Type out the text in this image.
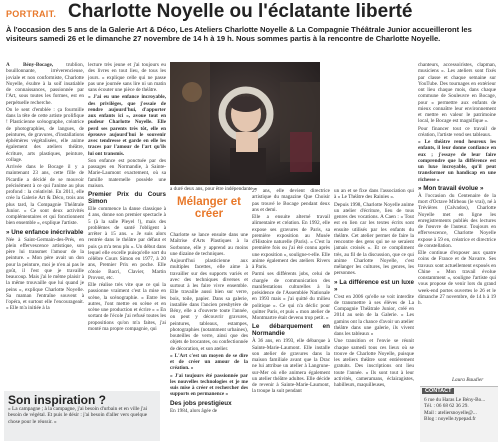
PORTRAIT. Charlotte Noyelle ou l'éclatante liberté
À l'occasion des 5 ans de la Galerie Art & Déco, Les Ateliers Charlotte Noyelle & La Compagnie Théâtrale Junior accueilleront les visiteurs samedi 26 et le dimanche 27 novembre de 14 h à 19 h. Nous sommes partis à la rencontre de Charlotte Noyelle.

À Bény-Bocage,	trublion, bouillonnante, irréverencieuse, joviale et non conformiste, Charlotte Noyelle, éxubre à la soif insatiable de connaissances, passionnée par l'Art, sous toutes les formes, est en perpétuelle recherche.

On le sent d'emblée : ça fourmille dans la tête de cette artiste prolifique ! Plasticienne scénographe, créatrice de photographies, de langues, de peintures, de gravures, d'installations éphémères végétalisées, elle anime également des ateliers théâtre, écriture, arts plastiques, peinture, collage.

Arrivée dans le Bocage il y a maintenant 23 ans, cette fille de Picardie a décidé de se mouvoir précisément à ce qui l'anime au plus profond : la créativité. En 2011, elle crée la Galerie Art & Déco, trois ans plus tard, la Compagnie Théâtrale Junior. « Ce sont deux activités complémentaires et qui fonctionnent bien ensemble », explique l'artiste.

» Une enfance inécrivable

Née à Saint-Germain-des-Prés, en plein effervescence artistique, son père lui transmet l'amour de la peinture. « Mon père avait un don pour la peinture, moi je n'en ai pas le goût, il l'est que je travaille beaucoup. Mais j'ai le même plaisir à la même trouvaille que lui quand je peins », explique Charlotte Noyelle. Sa maman l'entraîne souvent à l'opéra, et surtout elle l'encourageait. « Elle m'a initiée à la

lecture très jeune et j'ai toujours eu des livres en tout lieu, de tous les jours. « explique celle qui ne passe pas une journée sans lire ni un matin sans écouter une pièce de théâtre.

« J'ai eu une enfance incroyable, des privilèges, que j'essaie de rendre aujourd'hui, d'apporter aux enfants ici », avoue tout en pudeur Charlotte Noyelle. Elle perd ses parents très tôt, elle en éprouve aujourd'hui le souvenir avec tendresse et garde en elle les traces par l'amour de l'art qu'ils lui ont transmis.

Son enfance est ponctuée par des passages en Normandie, à Sainte-Marie-Laumont exactement, où sa famille maternelle possède une maison.

Premier Prix du Cours Simon

Elle commence la danse classique à 4 ans, donne son premier spectacle à 5 (à la salle Pleyel !), mais des problèmes de santé l'obligent à arrêter à 15 ans. « Je suis alors rentrée dans le théâtre par défaut et puis ça m'a tenu plu ». Un début dans lequel elle excelle puisqu'elle sort du célèbre Cours Simon en 1977, à 20 ans, Premier Prix en poche. Elle côtoie Bacri, Clavier, Martin Provost, etc.

Elle réalise très vite que ce qui la passionne vraiment c'est la mise en scène, la scénographie. « Entre les autres, l'ont mettre en scène et en scène une production et écrire » « En sortant de l'école j'ai refusé toutes les propositions qu'on m'a faites, j'ai monté ma propre compagnie, qui

a duré deux ans, pour être indépendante »
Mélanger et créer

Charlotte se lance ensuite dans une Maîtrise d'Arts Plastiques à la Sorbonne, elle y apprend au moins une dizaine de techniques.

Aujourd'hui plasticienne aux multiples facettes, elle aime à travailler sur des supports variés et avec des techniques diverses et surtout à les faire vivre ensemble. Elle travaille aussi bien sur verre, bois, toile, papier. Dans sa galerie, installée dans l'ancien presbytère de Bény, elle a d'ouverte toute l'année, on peut y découvrir gravures, peintures, tableaux, estampes, photographies (notamment urbaines), bouteilles de verre, ainsi que des objets de brocantes, ou confectionnée de décoration, et son atelier.

« L'Art c'est un moyen de se dire et de créer un amour de la création. »

« J'ai toujours été passionnée par les nouvelles technologies et je me suis mise à créer et rechercher des supports en permanence »

Des jobs prestigieux

En 1984, alors âgée de

27 ans, elle devient directrice artistique du magazine Que Choisir pas trouvé le Bocage pendant deux ans et demi.

Elle a ensuite alterné travail alimentaire et création. En 1992, elle expose ses gravures de Paris, sa première exposition au Musée d'Histoire naturelle (Paris). « C'est la première fois ou j'ai été connu après une exposition », souligne-t-elle. Elle anime également des ateliers Rivers à Paris.

Parmi ses différents jobs, celui de chargée de communication des manifestations culturelles à la présidence de l'Assemblée Nationale en 1993 mais « j'ai quitté du milieu politique ». Ce qui n'a déclic pour quitter Paris, et puis « mon atelier de Montmartre était devenu trop petit. »

Le débarquement en Normandie

À 36 ans, en 1993, elle débarque à Sainte-Marie-Laumont. Elle installe son atelier de gravures dans la maison familiale avant que la Drac ne lui attribue un atelier à Langrune-sur-Mer où elle animera également un atelier théâtre adultes. Elle décide de revenir à Sainte-Marie-Laumont, la troupe la suit pendant

un an et se fixe dans l'association qui à « Le Théâtre des Rainies ».

Depuis 1998, Charlotte Noyelle anime un atelier d'écriture, lieu de tous genres des vocations. A Caen : « Tout est en lien car les textes écrits sont ensuite utilisés par les enfants du théâtre. Cet atelier permet de faire la rencontre des gens qui ne se seraient jamais croisés ». Et ce compliment très, au fil de la discussion, que ce qui anime Charlotte Noyelle, c'est mélanger les cultures, les genres, les personnes.

» La différence est un luxe »

C'est en 2006 qu'elle se voit interdite de transmettre à ses élèves de La Compagnie Théâtrale Junior, créé en 2014 au sein de la Galerie. « Les gamins ont la chance d'avoir un atelier théâtre dans une galerie, ils vivent dans les tableaux »

Une transition et l'envie se réunit chaque samedi tous ces lieux où se trouve de Charlotte Noyelle, puisque les ateliers théâtre sont entièrement gratuits. Des inscriptions ont lieu toute l'année. « Ils sont tout à leur activités, cameramans, éclairagistes, habilleurs, maquilleuses,

chanteurs, accessoiristes, clapman, musiciens ». Les ateliers sont fixés par classe et chaque semaine sur YouTube. Des tournages en extérieur ont lieu chaque mois, dans chaque commune de Souleuvre en Bocage, pour « permettre aux enfants de mieux connaître leur environnement et mettre en valeur le patrimoine local, le Bocage est magnifique ».

Pour financer tout ce travail de création, l'artiste vend ses tableaux.

« Le théâtre rend heureux les enfants, il leur donne confiance en eux ; j'essaye de leur faire comprendre que la différence est un luxe incroyable, qu'il peut transformer un handicap en une richesse »

» Mon travail évolue »

À l'occasion du Centenaire de la mort d'Octave Mirbeau (le vrai), né à Trévières (Calvados), Charlotte Noyelle met en ligne les enregistrements publiés des lectures de l'œuvre de l'auteur. Toujours en effervescence, Charlotte Noyelle expose à 59 en, créatrice et directrice de constellation.

Elle continue d'exposer aux quatre coins de France et de Navarre. Ses travaux sont actuellement exposés en Chine « Mon travail évolue constamment », souligne l'artiste qui vous propose de venir lors du grand week-end portes ouvertes le 26 et le dimanche 27 novembre, de 14 h à 19 h.

Laura Baudier
Son inspiration ?
« La campagne ; à la campagne, j'ai besoin d'urbain et en ville j'ai besoin de végétal. Et puis le désir : j'ai besoin d'aller vers quelque chose pour le réussir. »
CONTACT
6 rue du Haras Le Bény-Bo...
Tél. : 06 68 62 36 29.
Mail : ateliersnoyelle@...
Blog : noyelle.typepad.fr
